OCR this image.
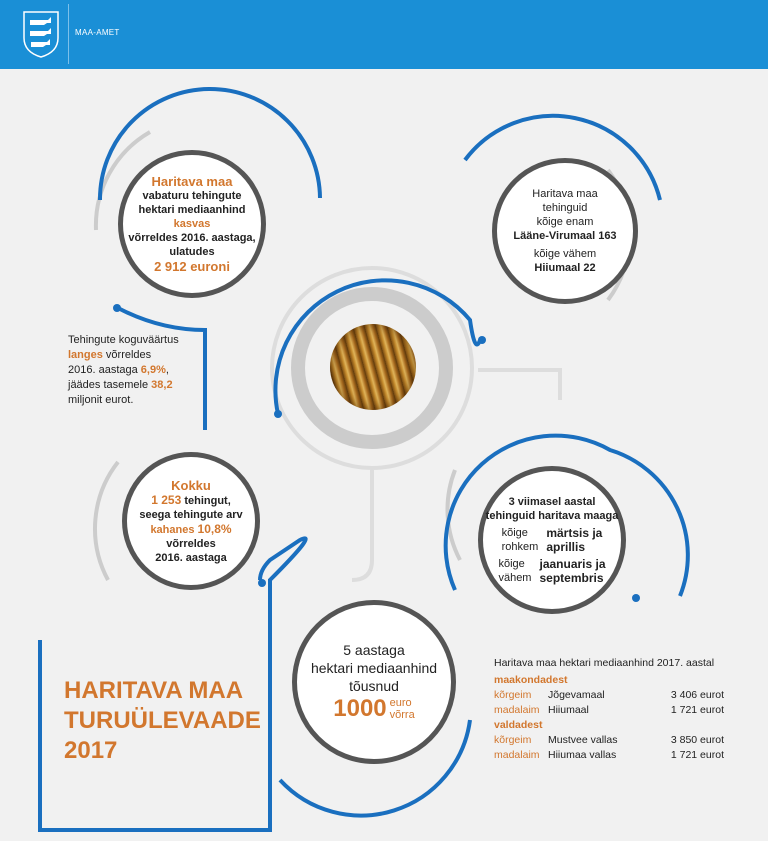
MAA-AMET
Haritava maa
vabaturu tehingute
hektari mediaanhind kasvas
võrreldes 2016. aastaga,
ulatudes
2 912 euroni
Haritava maa
tehinguid
kõige enam
Lääne-Virumaal 163
kõige vähem
Hiiumaal 22
Tehingute koguväärtus
langes võrreldes
2016. aastaga 6,9%,
jäädes tasemele 38,2
miljonit eurot.
Kokku
1 253 tehingut,
seega tehingute arv
kahanes 10,8%
võrreldes
2016. aastaga
3 viimasel aastal
tehinguid haritava maaga
kõige
rohkem
märtsis ja
aprillis
kõige
vähem
jaanuaris ja
septembris
5 aastaga
hektari mediaanhind
tõusnud
1000 euro
võrra
HARITAVA MAA
TURUÜLEVAADE
2017
Haritava maa hektari mediaanhind 2017. aastal
maakondadest
kõrgeim	Jõgevamaal	3 406 eurot
madalaim Hiiumaal	1 721 eurot
valdadest
kõrgeim	Mustvee vallas	3 850 eurot
madalaim Hiiumaa vallas	1 721 eurot
